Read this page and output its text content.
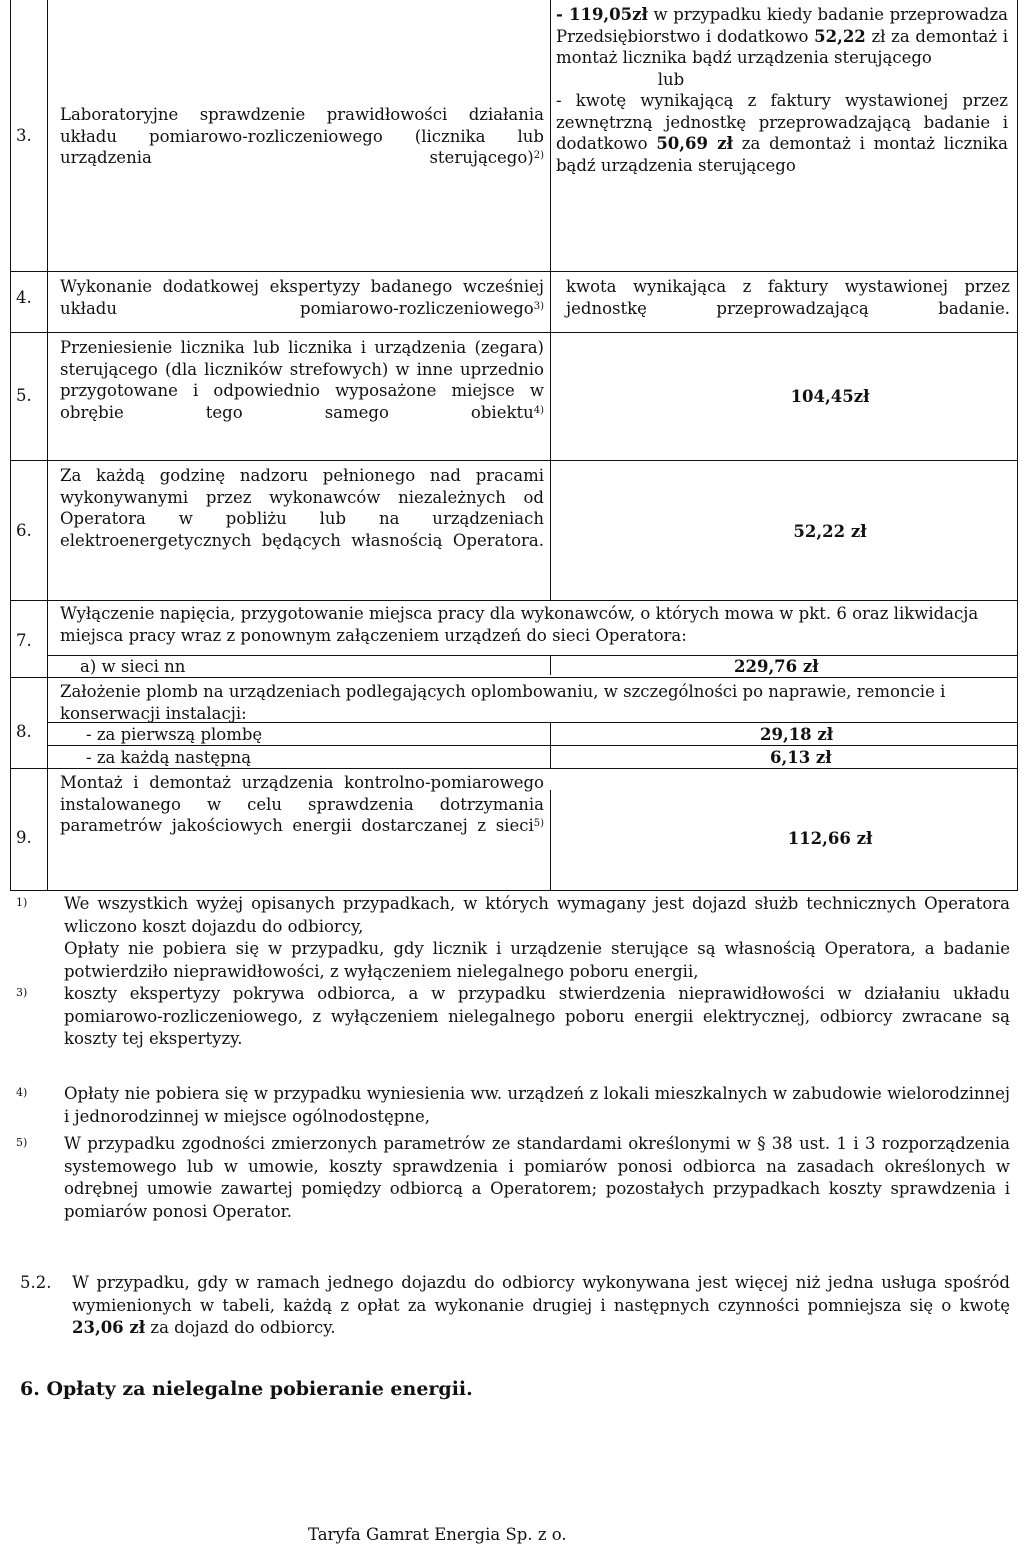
3.
Laboratoryjne sprawdzenie prawidłowości działania układu pomiarowo-rozliczeniowego (licznika lub urządzenia sterującego)$^{2)}$
- 119,05zł w przypadku kiedy badanie przeprowadza Przedsiębiorstwo i dodatkowo 52,22 zł za demontaż i montaż licznika bądź urządzenia sterującego
lub
- kwotę wynikającą z faktury wystawionej przez zewnętrzną jednostkę przeprowadzającą badanie i dodatkowo 50,69 zł za demontaż i montaż licznika bądź urządzenia sterującego
4.
Wykonanie dodatkowej ekspertyzy badanego wcześniej układu pomiarowo-rozliczeniowego$^{3)}$
kwota wynikająca z faktury wystawionej przez jednostkę przeprowadzającą badanie.
5.
Przeniesienie licznika lub licznika i urządzenia (zegara) sterującego (dla liczników strefowych) w inne uprzednio przygotowane i odpowiednio wyposażone miejsce w obrębie tego samego obiektu$^{4)}$
104,45zł
6.
Za każdą godzinę nadzoru pełnionego nad pracami wykonywanymi przez wykonawców niezależnych od Operatora w pobliżu lub na urządzeniach elektroenergetycznych będących własnością Operatora.	52,22 zł
7.
Wyłączenie napięcia, przygotowanie miejsca pracy dla wykonawców, o których mowa w pkt. 6 oraz likwidacja miejsca pracy wraz z ponownym załączeniem urządzeń do sieci Operatora:
a) w sieci nn	229,76 zł
8.
Założenie plomb na urządzeniach podlegających oplombowaniu, w szczególności po naprawie, remoncie i konserwacji instalacji:
- za pierwszą plombę	29,18 zł
- za każdą następną	6,13 zł
9.
Montaż i demontaż urządzenia kontrolno-pomiarowego instalowanego w celu sprawdzenia dotrzymania parametrów jakościowych energii dostarczanej z sieci$^{5)}$
112,66 zł
1) We wszystkich wyżej opisanych przypadkach, w których wymagany jest dojazd służb technicznych Operatora wliczono koszt dojazdu do odbiorcy,
Opłaty nie pobiera się w przypadku, gdy licznik i urządzenie sterujące są własnością Operatora, a badanie potwierdziło nieprawidłowości, z wyłączeniem nielegalnego poboru energii,
3) koszty ekspertyzy pokrywa odbiorca, a w przypadku stwierdzenia nieprawidłowości w działaniu układu pomiarowo-rozliczeniowego, z wyłączeniem nielegalnego poboru energii elektrycznej, odbiorcy zwracane są koszty tej ekspertyzy.
4) Opłaty nie pobiera się w przypadku wyniesienia ww. urządzeń z lokali mieszkalnych w zabudowie wielorodzinnej i jednorodzinnej w miejsce ogólnodostępne,
5) W przypadku zgodności zmierzonych parametrów ze standardami określonymi w § 38 ust. 1 i 3 rozporządzenia systemowego lub w umowie, koszty sprawdzenia i pomiarów ponosi odbiorca na zasadach określonych w odrębnej umowie zawartej pomiędzy odbiorcą a Operatorem; pozostałych przypadkach koszty sprawdzenia i pomiarów ponosi Operator.
5.2. W przypadku, gdy w ramach jednego dojazdu do odbiorcy wykonywana jest więcej niż jedna usługa spośród wymienionych w tabeli, każdą z opłat za wykonanie drugiej i następnych czynności pomniejsza się o kwotę 23,06 zł za dojazd do odbiorcy.
6. Opłaty za nielegalne pobieranie energii.
Taryfa Gamrat Energia Sp. z o.
